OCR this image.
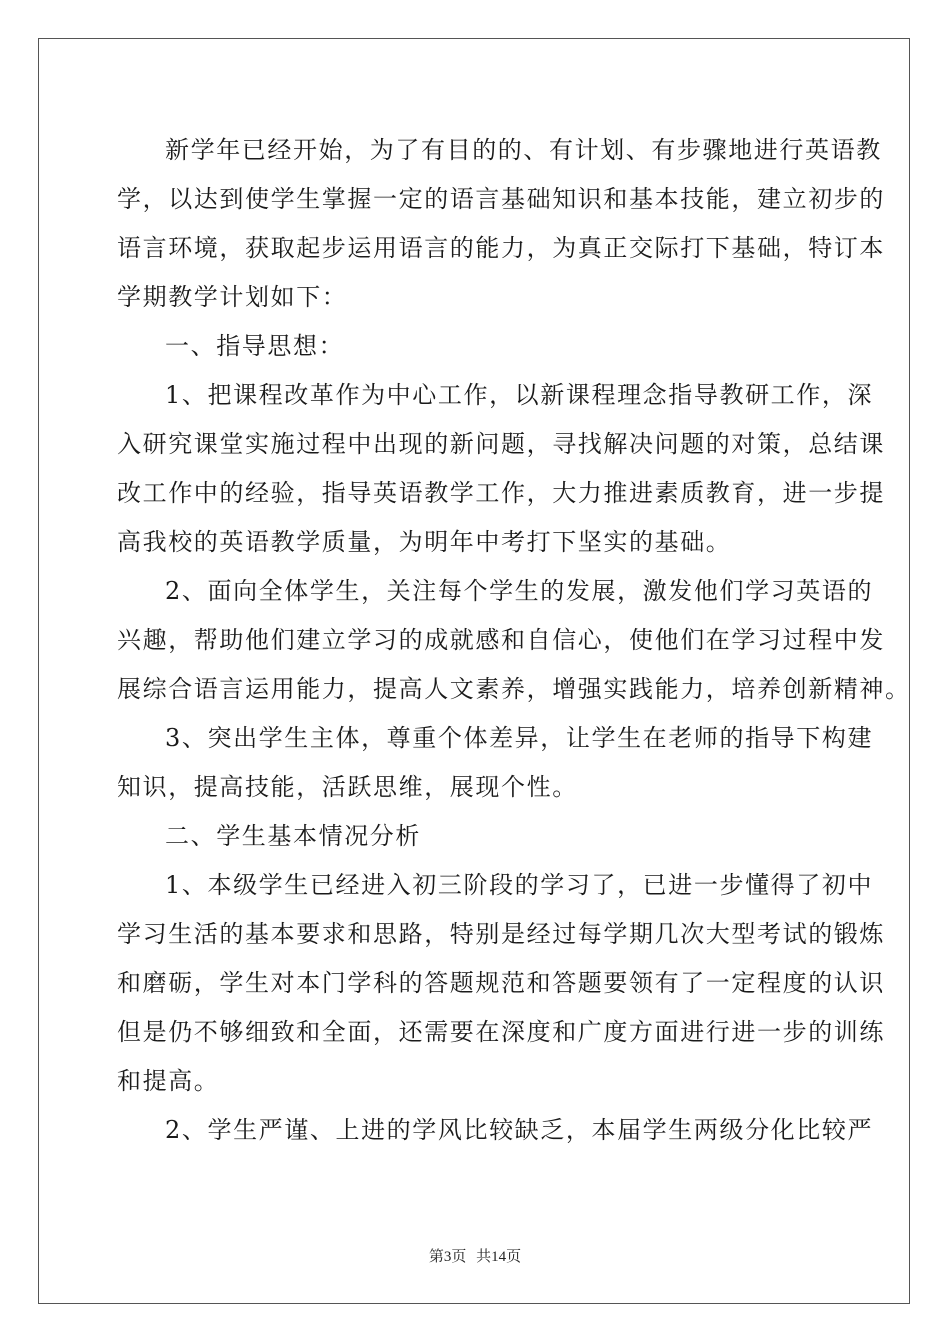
新学年已经开始，为了有目的的、有计划、有步骤地进行英语教
学，以达到使学生掌握一定的语言基础知识和基本技能，建立初步的
语言环境，获取起步运用语言的能力，为真正交际打下基础，特订本
学期教学计划如下：
一、指导思想：
1、把课程改革作为中心工作，以新课程理念指导教研工作，深
入研究课堂实施过程中出现的新问题，寻找解决问题的对策，总结课
改工作中的经验，指导英语教学工作，大力推进素质教育，进一步提
高我校的英语教学质量，为明年中考打下坚实的基础。
2、面向全体学生，关注每个学生的发展，激发他们学习英语的
兴趣，帮助他们建立学习的成就感和自信心，使他们在学习过程中发
展综合语言运用能力，提高人文素养，增强实践能力，培养创新精神。
3、突出学生主体，尊重个体差异，让学生在老师的指导下构建
知识，提高技能，活跃思维，展现个性。
二、学生基本情况分析
1、本级学生已经进入初三阶段的学习了，已进一步懂得了初中
学习生活的基本要求和思路，特别是经过每学期几次大型考试的锻炼
和磨砺，学生对本门学科的答题规范和答题要领有了一定程度的认识
但是仍不够细致和全面，还需要在深度和广度方面进行进一步的训练
和提高。
2、学生严谨、上进的学风比较缺乏，本届学生两级分化比较严
第3页 共14页
